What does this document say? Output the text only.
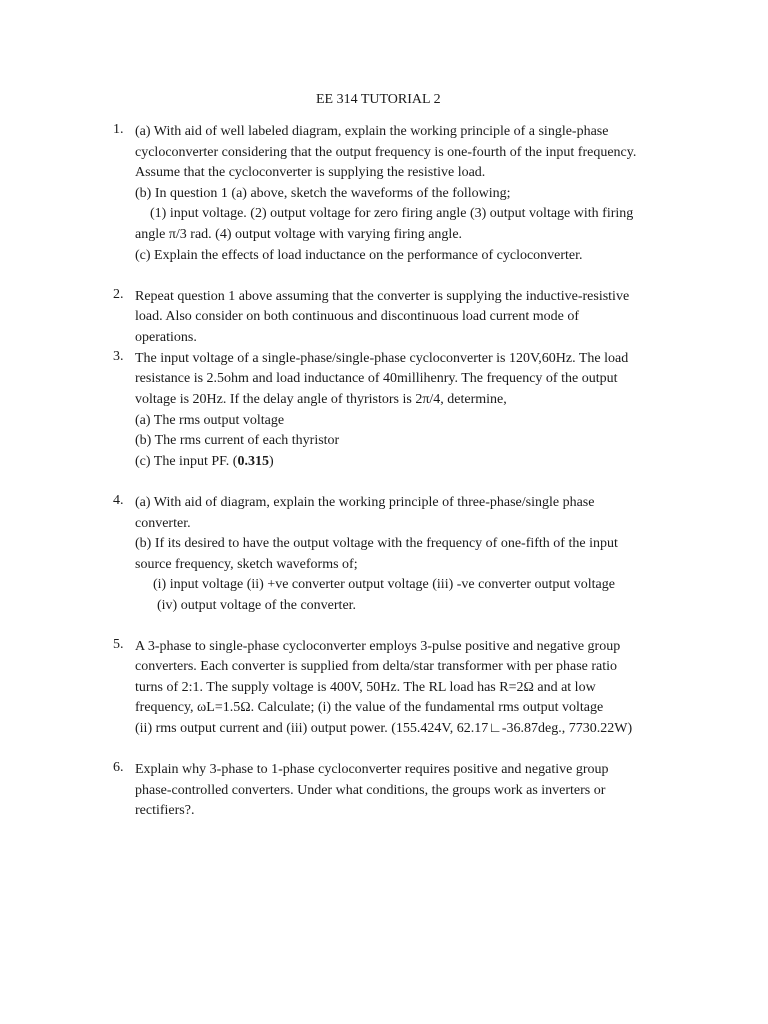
EE 314 TUTORIAL 2
1. (a) With aid of well labeled diagram, explain the working principle of a single-phase
cycloconverter considering that the output frequency is one-fourth of the input frequency.
Assume that the cycloconverter is supplying the resistive load.
(b) In question 1 (a) above, sketch the waveforms of the following;
(1) input voltage. (2) output voltage for zero firing angle (3) output voltage with firing
angle π/3 rad. (4) output voltage with varying firing angle.
(c) Explain the effects of load inductance on the performance of cycloconverter.
2. Repeat question 1 above assuming that the converter is supplying the inductive-resistive
load. Also consider on both continuous and discontinuous load current mode of
operations.
3. The input voltage of a single-phase/single-phase cycloconverter is 120V,60Hz. The load
resistance is 2.5ohm and load inductance of 40millihenry. The frequency of the output
voltage is 20Hz. If the delay angle of thyristors is 2π/4, determine,
(a) The rms output voltage
(b) The rms current of each thyristor
(c) The input PF. (0.315)
4. (a) With aid of diagram, explain the working principle of three-phase/single phase
converter.
(b) If its desired to have the output voltage with the frequency of one-fifth of the input
source frequency, sketch waveforms of;
(i) input voltage (ii) +ve converter output voltage (iii) -ve converter output voltage
(iv) output voltage of the converter.
5. A 3-phase to single-phase cycloconverter employs 3-pulse positive and negative group
converters. Each converter is supplied from delta/star transformer with per phase ratio
turns of 2:1. The supply voltage is 400V, 50Hz. The RL load has R=2Ω and at low
frequency, ωL=1.5Ω. Calculate; (i) the value of the fundamental rms output voltage
(ii) rms output current and (iii) output power. (155.424V, 62.17∟-36.87deg., 7730.22W)
6. Explain why 3-phase to 1-phase cycloconverter requires positive and negative group
phase-controlled converters. Under what conditions, the groups work as inverters or
rectifiers?.
